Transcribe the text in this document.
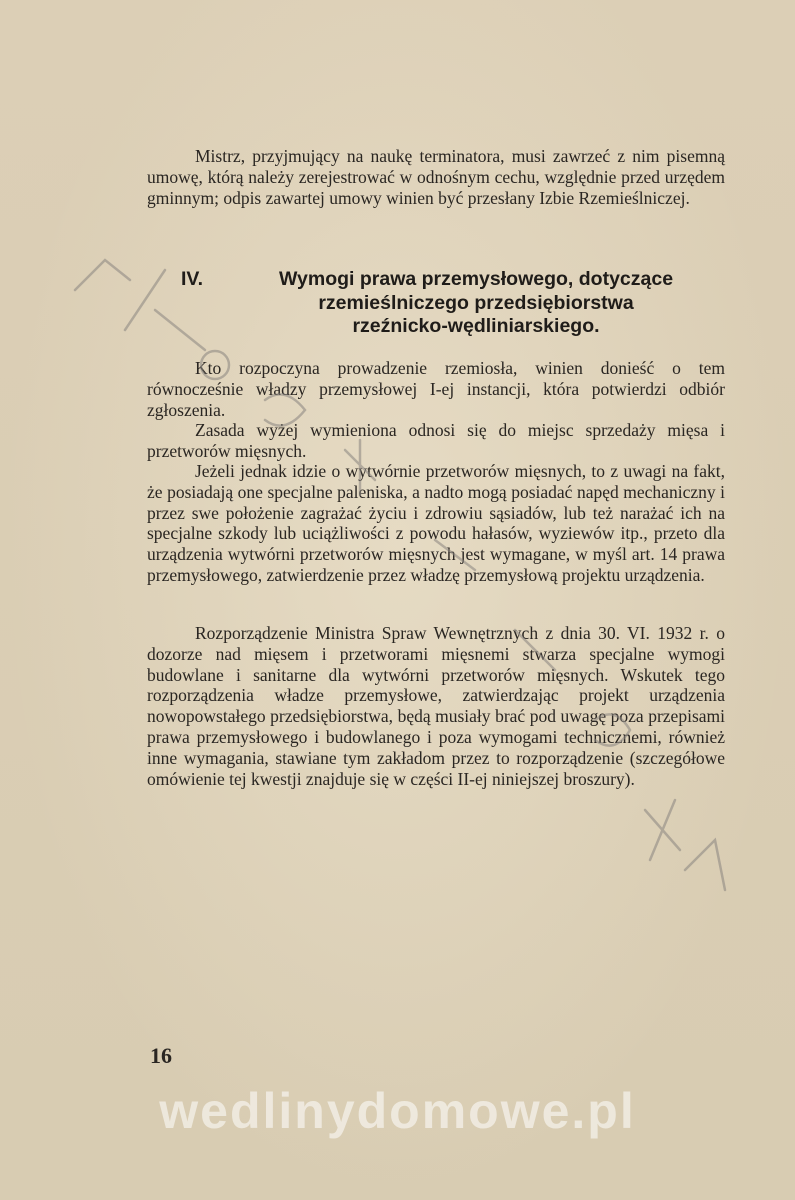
Mistrz, przyjmujący na naukę terminatora, musi zawrzeć z nim pisemną umowę, którą należy zerejestrować w odnośnym cechu, względnie przed urzędem gminnym; odpis zawartej umowy winien być przesłany Izbie Rzemieślniczej.

IV.	Wymogi prawa przemysłowego, dotyczące
rzemieślniczego przedsiębiorstwa
rzeźnicko-wędliniarskiego.

Kto rozpoczyna prowadzenie rzemiosła, winien donieść o tem równocześnie władzy przemysłowej I-ej instancji, która potwierdzi odbiór zgłoszenia.

Zasada wyżej wymieniona odnosi się do miejsc sprzedaży mięsa i przetworów mięsnych.

Jeżeli jednak idzie o wytwórnie przetworów mięsnych, to z uwagi na fakt, że posiadają one specjalne paleniska, a nadto mogą posiadać napęd mechaniczny i przez swe położenie zagrażać życiu i zdrowiu sąsiadów, lub też narażać ich na specjalne szkody lub uciążliwości z powodu hałasów, wyziewów itp., przeto dla urządzenia wytwórni przetworów mięsnych jest wymagane, w myśl art. 14 prawa przemysłowego, zatwierdzenie przez władzę przemysłową projektu urządzenia.

Rozporządzenie Ministra Spraw Wewnętrznych z dnia 30. VI. 1932 r. o dozorze nad mięsem i przetworami mięsnemi stwarza specjalne wymogi budowlane i sanitarne dla wytwórni przetworów mięsnych. Wskutek tego rozporządzenia władze przemysłowe, zatwierdzając projekt urządzenia nowopowstałego przedsiębiorstwa, będą musiały brać pod uwagę poza przepisami prawa przemysłowego i budowlanego i poza wymogami technicznemi, również inne wymagania, stawiane tym zakładom przez to rozporządzenie (szczegółowe omówienie tej kwestji znajduje się w części II-ej niniejszej broszury).

16
wedlinydomowe.pl
